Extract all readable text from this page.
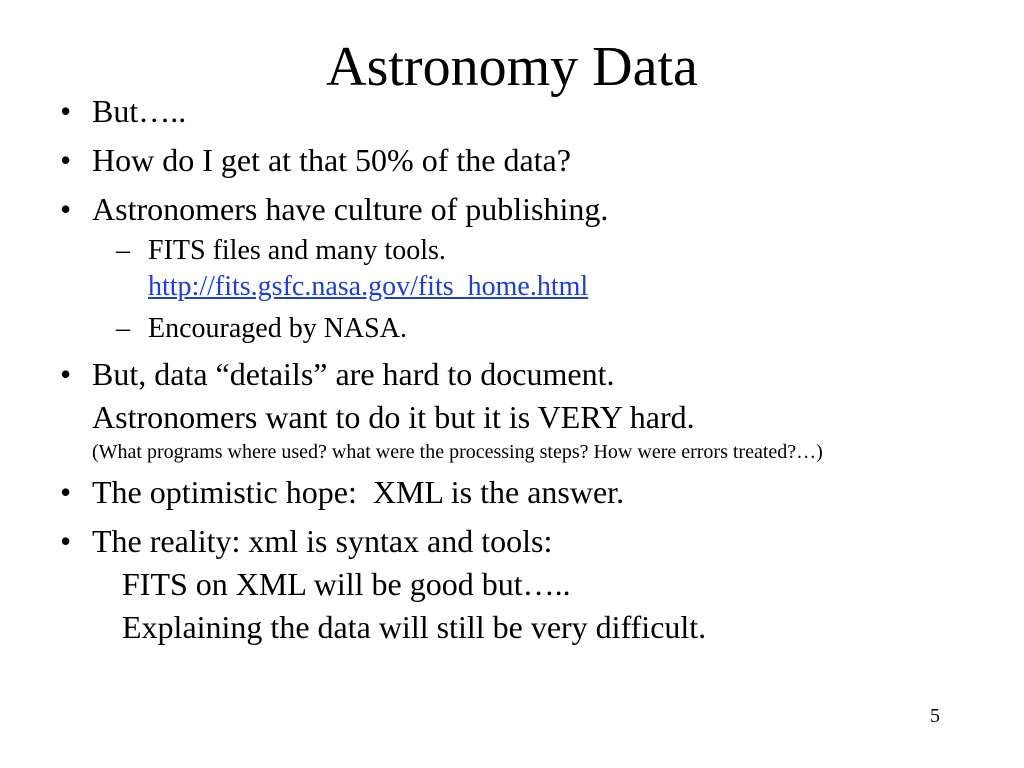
Astronomy Data
• But…..
• How do I get at that 50% of the data?
• Astronomers have culture of publishing.
– FITS files and many tools.
http://fits.gsfc.nasa.gov/fits_home.html
– Encouraged by NASA.
• But, data “details” are hard to document.
Astronomers want to do it but it is VERY hard.
(What programs where used? what were the processing steps? How were errors treated?…)
• The optimistic hope:  XML is the answer.
• The reality: xml is syntax and tools:
FITS on XML will be good but…..
Explaining the data will still be very difficult.
5
